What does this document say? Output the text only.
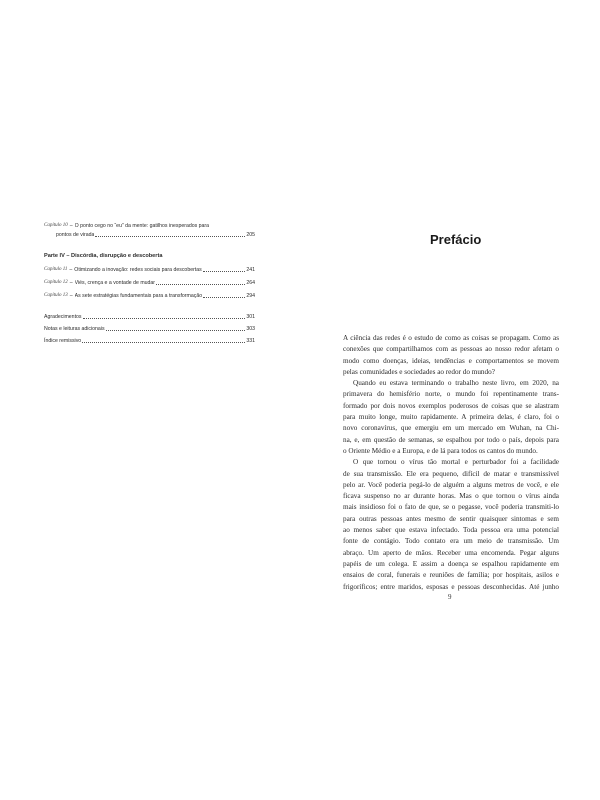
Capítulo 10 – O ponto cego no “eu” da mente: gatilhos inesperados para
pontos de virada	205
Parte IV – Discórdia, disrupção e descoberta
Capítulo 11 – Otimizando a inovação: redes sociais para descobertas	241
Capítulo 12 – Viés, crença e a vontade de mudar	264
Capítulo 13 – As sete estratégias fundamentais para a transformação	294
Agradecimentos	301
Notas e leituras adicionais	303
Índice remissivo	331
Prefácio
A ciência das redes é o estudo de como as coisas se propagam. Como as
conexões que compartilhamos com as pessoas ao nosso redor afetam o
modo como doenças, ideias, tendências e comportamentos se movem
pelas comunidades e sociedades ao redor do mundo?
Quando eu estava terminando o trabalho neste livro, em 2020, na
primavera do hemisfério norte, o mundo foi repentinamente trans-
formado por dois novos exemplos poderosos de coisas que se alastram
para muito longe, muito rapidamente. A primeira delas, é claro, foi o
novo coronavírus, que emergiu em um mercado em Wuhan, na Chi-
na, e, em questão de semanas, se espalhou por todo o país, depois para
o Oriente Médio e a Europa, e de lá para todos os cantos do mundo.
O que tornou o vírus tão mortal e perturbador foi a facilidade
de sua transmissão. Ele era pequeno, difícil de matar e transmissível
pelo ar. Você poderia pegá-lo de alguém a alguns metros de você, e ele
ficava suspenso no ar durante horas. Mas o que tornou o vírus ainda
mais insidioso foi o fato de que, se o pegasse, você poderia transmiti-lo
para outras pessoas antes mesmo de sentir quaisquer sintomas e sem
ao menos saber que estava infectado. Toda pessoa era uma potencial
fonte de contágio. Todo contato era um meio de transmissão. Um
abraço. Um aperto de mãos. Receber uma encomenda. Pegar alguns
papéis de um colega. E assim a doença se espalhou rapidamente em
ensaios de coral, funerais e reuniões de família; por hospitais, asilos e
frigoríficos; entre maridos, esposas e pessoas desconhecidas. Até junho
9
